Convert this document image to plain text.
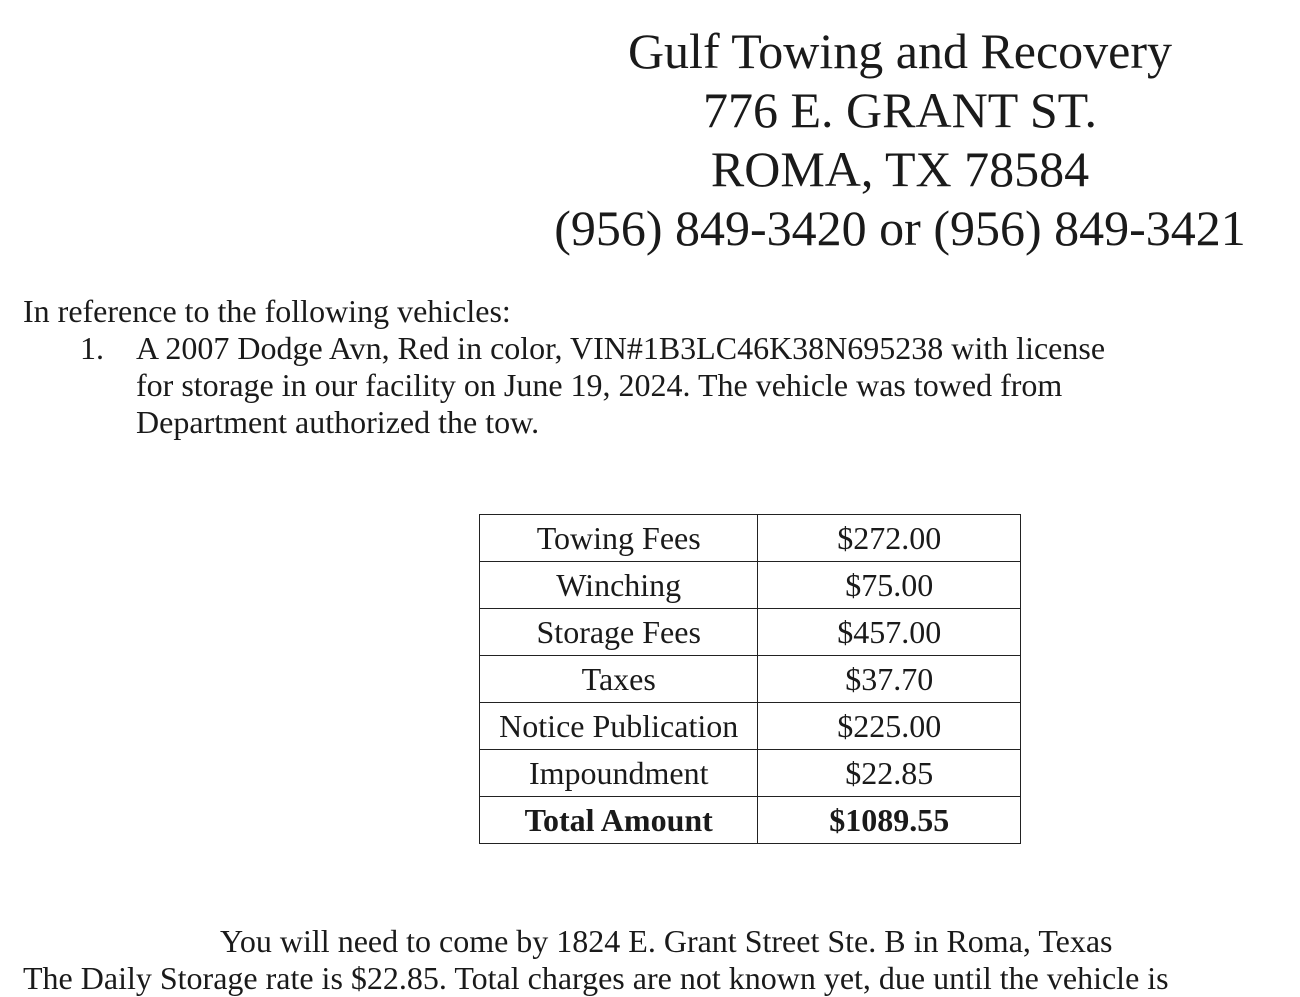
Gulf Towing and Recovery
776 E. GRANT ST.
ROMA, TX 78584
(956) 849-3420 or (956) 849-3421
In reference to the following vehicles:
1. A 2007 Dodge Avn, Red in color, VIN#1B3LC46K38N695238 with license
for storage in our facility on June 19, 2024. The vehicle was towed from
Department authorized the tow.
Towing Fees	$272.00
Winching	$75.00
Storage Fees	$457.00
Taxes	$37.70
Notice Publication	$225.00
Impoundment	$22.85
Total Amount	$1089.55
You will need to come by 1824 E. Grant Street Ste. B in Roma, Texas
The Daily Storage rate is $22.85. Total charges are not known yet, due until the vehicle is
